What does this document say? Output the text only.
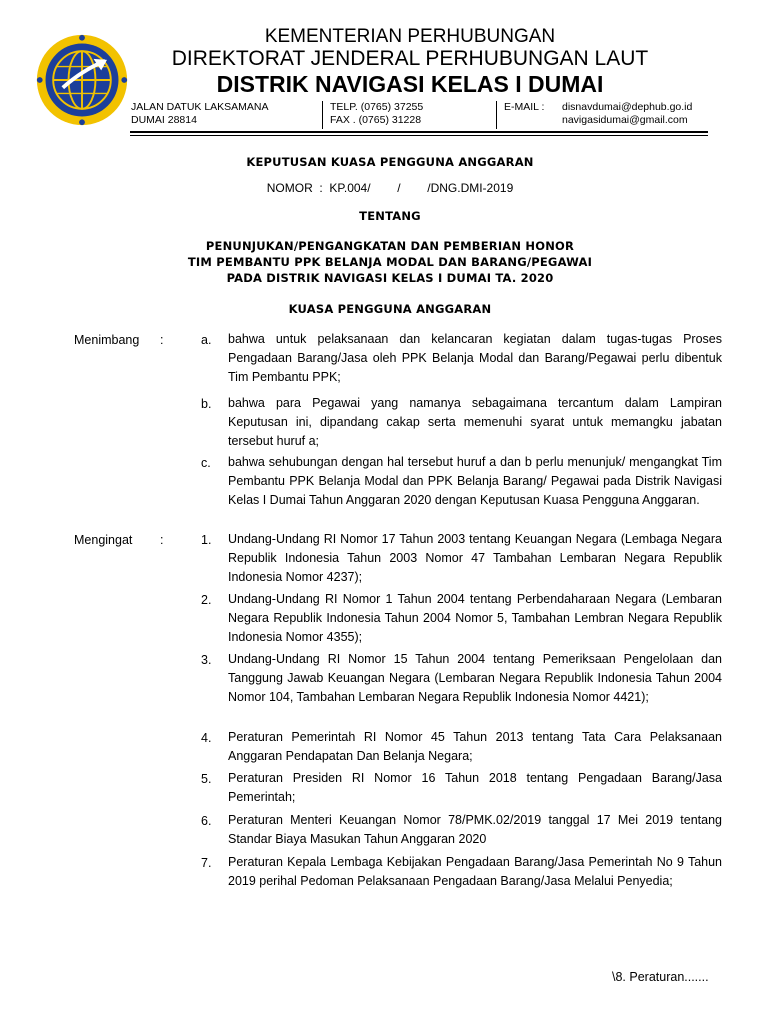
KEMENTERIAN PERHUBUNGAN
DIREKTORAT JENDERAL PERHUBUNGAN LAUT
DISTRIK NAVIGASI KELAS I DUMAI
JALAN DATUK LAKSAMANA
DUMAI 28814
TELP. (0765) 37255
FAX . (0765) 31228
E-MAIL : disnavdumai@dephub.go.id
navigasidumai@gmail.com
KEPUTUSAN KUASA PENGGUNA ANGGARAN
NOMOR  :  KP.004/        /        /DNG.DMI-2019
TENTANG
PENUNJUKAN/PENGANGKATAN DAN PEMBERIAN HONOR
TIM PEMBANTU PPK BELANJA MODAL DAN BARANG/PEGAWAI
PADA DISTRIK NAVIGASI KELAS I DUMAI TA. 2020
KUASA PENGGUNA ANGGARAN
Menimbang :	a. bahwa untuk pelaksanaan dan kelancaran kegiatan dalam tugas-tugas Proses Pengadaan Barang/Jasa oleh PPK Belanja Modal dan Barang/Pegawai perlu dibentuk Tim Pembantu PPK;
b. bahwa para Pegawai yang namanya sebagaimana tercantum dalam Lampiran Keputusan ini, dipandang cakap serta memenuhi syarat untuk memangku jabatan tersebut huruf a;
c. bahwa sehubungan dengan hal tersebut huruf a dan b perlu menunjuk/ mengangkat Tim Pembantu PPK Belanja Modal dan PPK Belanja Barang/ Pegawai pada Distrik Navigasi Kelas I Dumai Tahun Anggaran 2020 dengan Keputusan Kuasa Pengguna Anggaran.
Mengingat :	1. Undang-Undang RI Nomor 17 Tahun 2003 tentang Keuangan Negara (Lembaga Negara Republik Indonesia Tahun 2003 Nomor 47 Tambahan Lembaran Negara Republik Indonesia Nomor 4237);
2. Undang-Undang RI Nomor 1 Tahun 2004 tentang Perbendaharaan Negara (Lembaran Negara Republik Indonesia Tahun 2004 Nomor 5, Tambahan Lembran Negara Republik Indonesia Nomor 4355);
3. Undang-Undang RI Nomor 15 Tahun 2004 tentang Pemeriksaan Pengelolaan dan Tanggung Jawab Keuangan Negara (Lembaran Negara Republik Indonesia Tahun 2004 Nomor 104, Tambahan Lembaran Negara Republik Indonesia Nomor 4421);
4. Peraturan Pemerintah RI Nomor 45 Tahun 2013 tentang Tata Cara Pelaksanaan Anggaran Pendapatan Dan Belanja Negara;
5. Peraturan Presiden RI Nomor 16 Tahun 2018 tentang Pengadaan Barang/Jasa Pemerintah;
6. Peraturan Menteri Keuangan Nomor 78/PMK.02/2019 tanggal 17 Mei 2019 tentang Standar Biaya Masukan Tahun Anggaran 2020
7. Peraturan Kepala Lembaga Kebijakan Pengadaan Barang/Jasa Pemerintah No 9 Tahun 2019 perihal Pedoman Pelaksanaan Pengadaan Barang/Jasa Melalui Penyedia;
\8. Peraturan.......
